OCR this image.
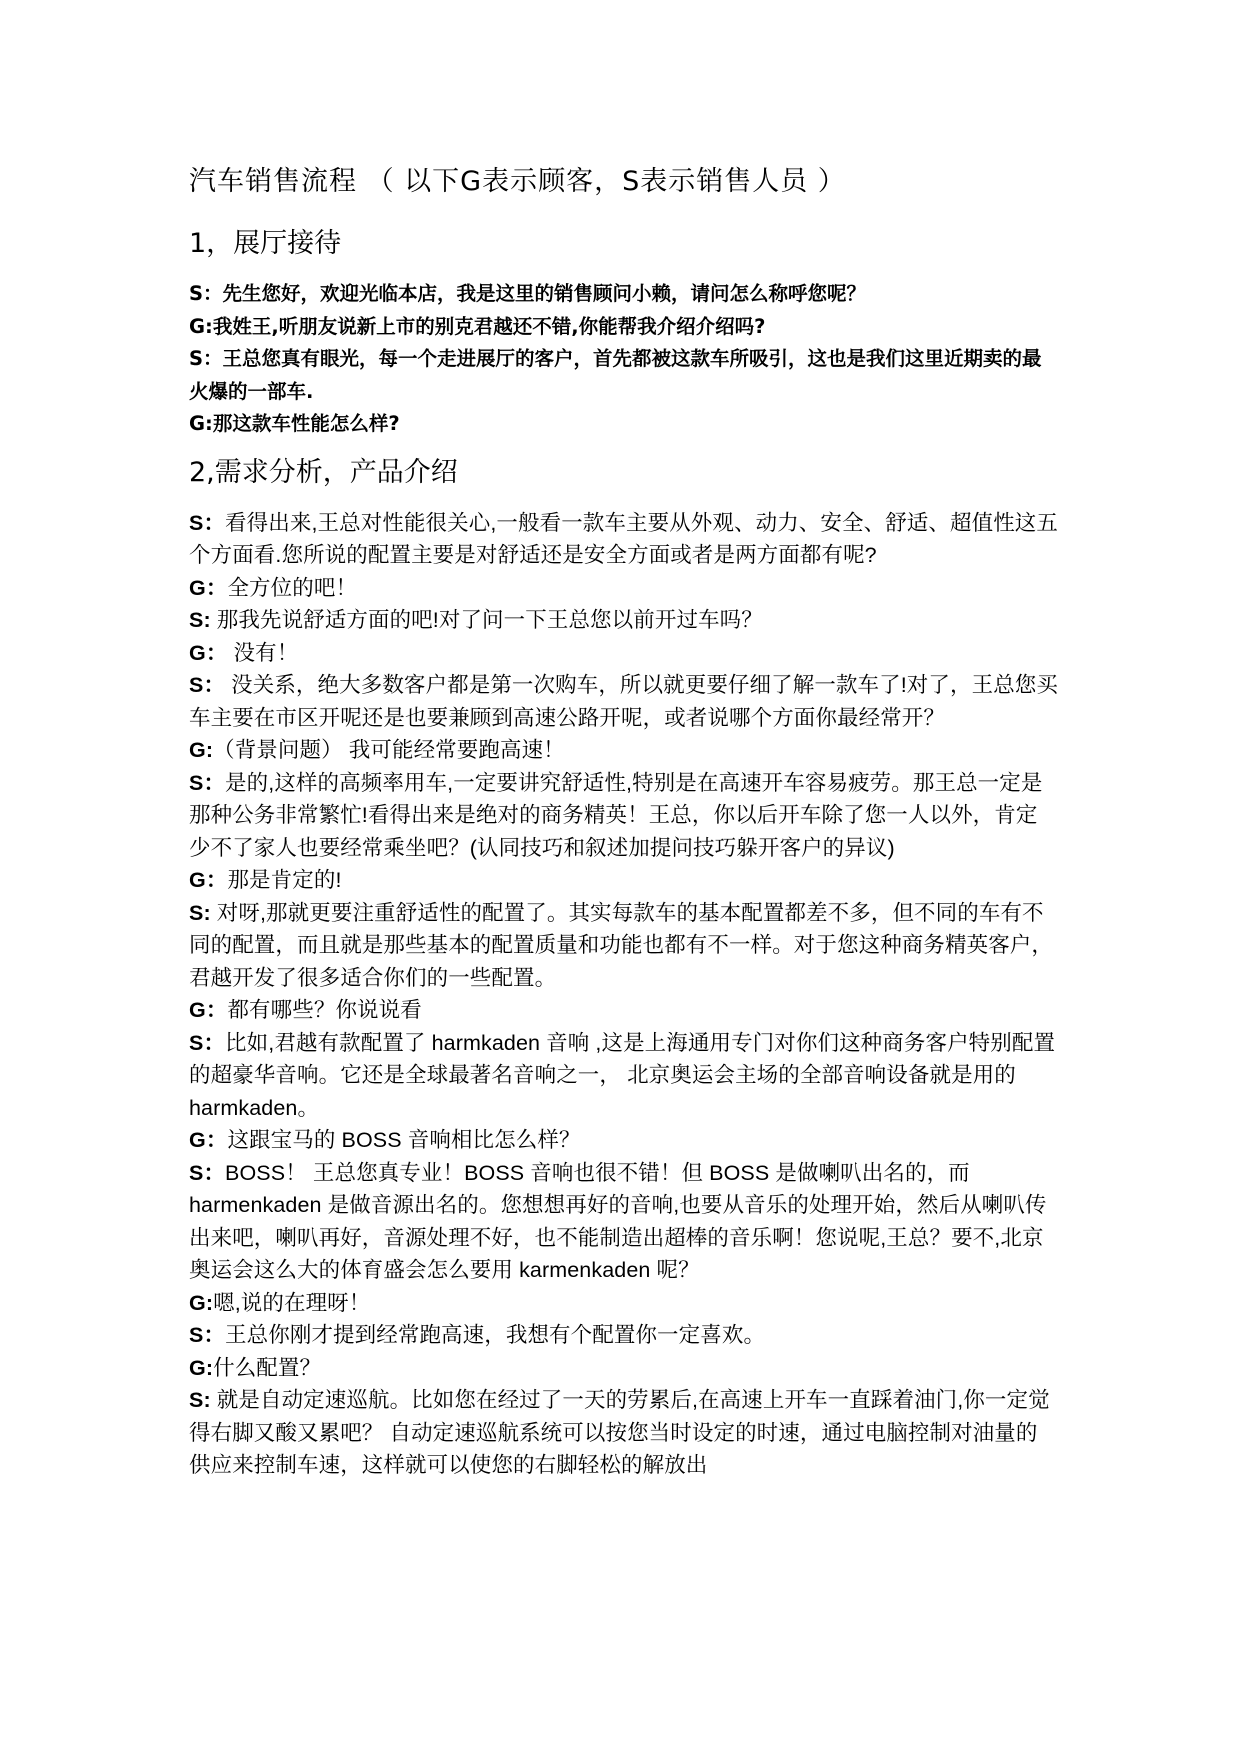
汽车销售流程 （ 以下G表示顾客，S表示销售人员 ）
1，展厅接待

S：先生您好，欢迎光临本店，我是这里的销售顾问小赖，请问怎么称呼您呢？

G:我姓王,听朋友说新上市的别克君越还不错,你能帮我介绍介绍吗?

S：王总您真有眼光，每一个走进展厅的客户，首先都被这款车所吸引，这也是我们这里近期卖的最火爆的一部车.

G:那这款车性能怎么样?

2,需求分析，产品介绍

S：看得出来,王总对性能很关心,一般看一款车主要从外观、动力、安全、舒适、超值性这五个方面看.您所说的配置主要是对舒适还是安全方面或者是两方面都有呢?

G：全方位的吧！

S: 那我先说舒适方面的吧!对了问一下王总您以前开过车吗？

G： 没有！

S： 没关系，绝大多数客户都是第一次购车，所以就更要仔细了解一款车了!对了，王总您买车主要在市区开呢还是也要兼顾到高速公路开呢，或者说哪个方面你最经常开？

G:（背景问题） 我可能经常要跑高速！

S：是的,这样的高频率用车,一定要讲究舒适性,特别是在高速开车容易疲劳。那王总一定是那种公务非常繁忙!看得出来是绝对的商务精英！王总，你以后开车除了您一人以外，肯定少不了家人也要经常乘坐吧？(认同技巧和叙述加提问技巧躲开客户的异议)

G：那是肯定的!

S: 对呀,那就更要注重舒适性的配置了。其实每款车的基本配置都差不多，但不同的车有不同的配置，而且就是那些基本的配置质量和功能也都有不一样。对于您这种商务精英客户，君越开发了很多适合你们的一些配置。

G：都有哪些？你说说看

S：比如,君越有款配置了 harmkaden 音响 ,这是上海通用专门对你们这种商务客户特别配置的超豪华音响。它还是全球最著名音响之一， 北京奥运会主场的全部音响设备就是用的 harmkaden。

G：这跟宝马的 BOSS 音响相比怎么样？

S：BOSS！ 王总您真专业！BOSS 音响也很不错！但 BOSS 是做喇叭出名的，而 harmenkaden 是做音源出名的。您想想再好的音响,也要从音乐的处理开始，然后从喇叭传出来吧，喇叭再好，音源处理不好，也不能制造出超棒的音乐啊！您说呢,王总？要不,北京奥运会这么大的体育盛会怎么要用 karmenkaden 呢？

G:嗯,说的在理呀！

S：王总你刚才提到经常跑高速，我想有个配置你一定喜欢。

G:什么配置？

S: 就是自动定速巡航。比如您在经过了一天的劳累后,在高速上开车一直踩着油门,你一定觉得右脚又酸又累吧？ 自动定速巡航系统可以按您当时设定的时速，通过电脑控制对油量的供应来控制车速，这样就可以使您的右脚轻松的解放出
